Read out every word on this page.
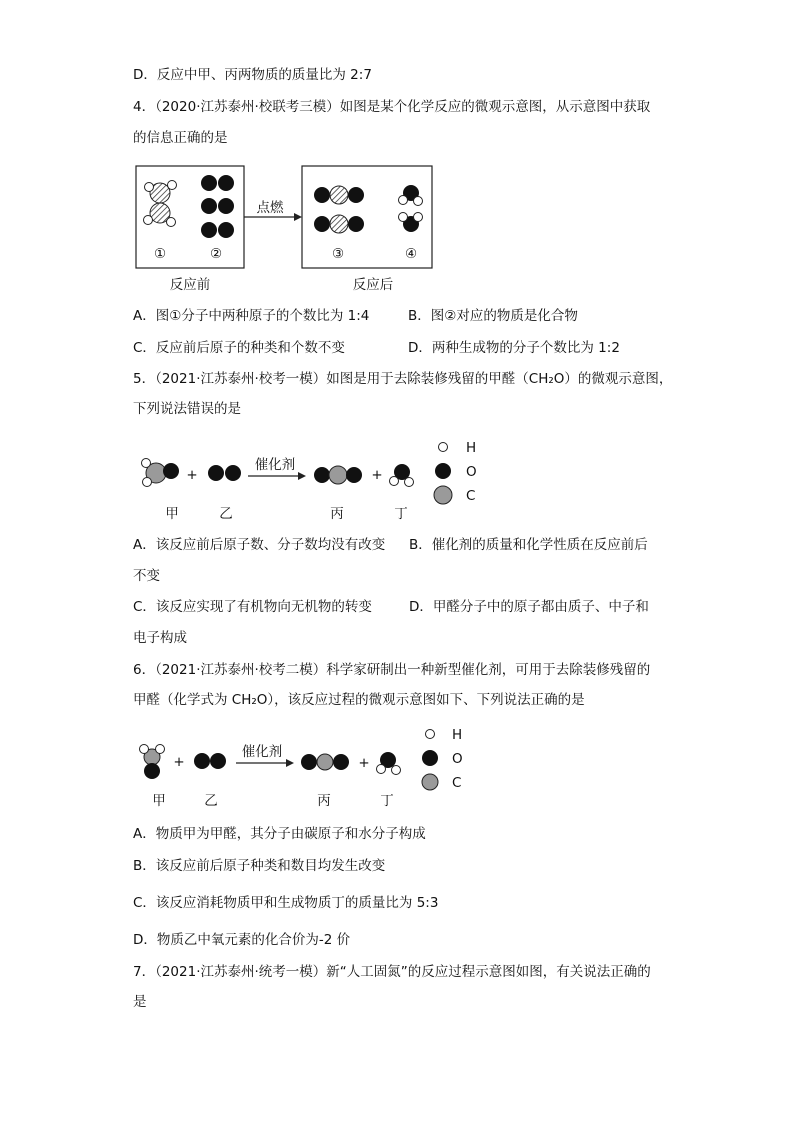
D．反应中甲、丙两物质的质量比为 2:7
4．（2020·江苏泰州·校联考三模）如图是某个化学反应的微观示意图，从示意图中获取
的信息正确的是
①	②
反应前
点燃
③	④
反应后
A．图①分子中两种原子的个数比为 1:4	B．图②对应的物质是化合物
C．反应前后原子的种类和个数不变	D．两种生成物的分子个数比为 1:2
5．（2021·江苏泰州·校考一模）如图是用于去除装修残留的甲醛（CH₂O）的微观示意图，
下列说法错误的是
+
催化剂
+
H
O
C
甲	乙	丙	丁
A．该反应前后原子数、分子数均没有改变 B．催化剂的质量和化学性质在反应前后
不变
C．该反应实现了有机物向无机物的转变	D．甲醛分子中的原子都由质子、中子和
电子构成
6．（2021·江苏泰州·校考二模）科学家研制出一种新型催化剂，可用于去除装修残留的
甲醛（化学式为 CH₂O），该反应过程的微观示意图如下、下列说法正确的是
+
催化剂
+
H
O
C
甲	乙	丙	丁
A．物质甲为甲醛，其分子由碳原子和水分子构成
B．该反应前后原子种类和数目均发生改变
C．该反应消耗物质甲和生成物质丁的质量比为 5:3
D．物质乙中氧元素的化合价为-2 价
7．（2021·江苏泰州·统考一模）新“人工固氮”的反应过程示意图如图，有关说法正确的
是
